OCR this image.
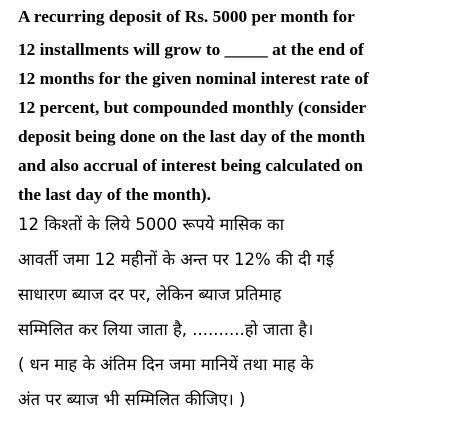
A recurring deposit of Rs. 5000 per month for
12 installments will grow to _____ at the end of
12 months for the given nominal interest rate of
12 percent, but compounded monthly (consider
deposit being done on the last day of the month
and also accrual of interest being calculated on
the last day of the month).
12 किश्तों के लिये 5000 रूपये मासिक का
आवर्ती जमा 12 महीनों के अन्त पर 12% की दी गई
साधारण ब्याज दर पर, लेकिन ब्याज प्रतिमाह
सम्मिलित कर लिया जाता है, ..........हो जाता है।
( धन माह के अंतिम दिन जमा मानियें तथा माह के
अंत पर ब्याज भी सम्मिलित कीजिए। )
